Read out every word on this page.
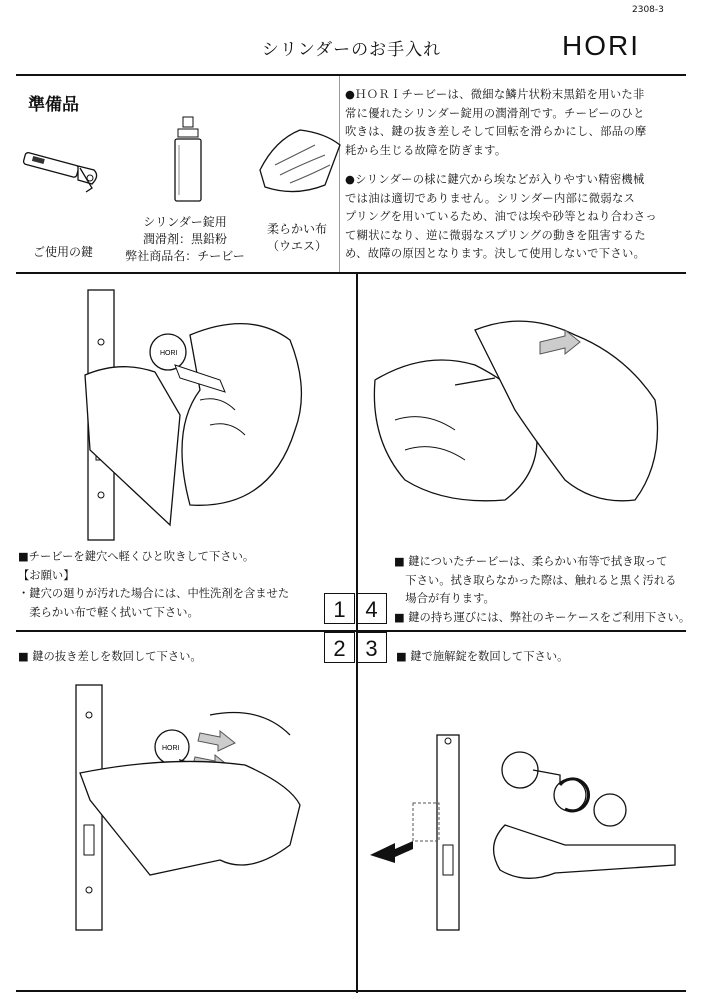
2308-3
シリンダーのお手入れ	HORI
準備品
ご使用の鍵
シリンダー錠用
潤滑剤：黒鉛粉
弊社商品名：チービー
柔らかい布
（ウエス）
●ＨＯＲＩチービーは、微細な鱗片状粉末黒鉛を用いた非
常に優れたシリンダー錠用の潤滑剤です。チービーのひと
吹きは、鍵の抜き差しそして回転を滑らかにし、部品の摩
耗から生じる故障を防ぎます。
●シリンダーの梂に鍵穴から埃などが入りやすい精密機械
では油は適切でありません。シリンダー内部に微弱なス
プリングを用いているため、油では埃や砂等とねり合わさっ
て糊状になり、逆に微弱なスプリングの動きを阻害するた
め、故障の原因となります。決して使用しないで下さい。
HORI
■チービーを鍵穴へ軽くひと吹きして下さい。
【お願い】
・鍵穴の廻りが汚れた場合には、中性洗剤を含ませた
　柔らかい布で軽く拭いて下さい。
■ 鍵についたチービーは、柔らかい布等で拭き取って
　下さい。拭き取らなかった際は、触れると黒く汚れる
　場合が有ります。
■ 鍵の持ち運びには、弊社のキーケースをご利用下さい。
1 4
2 3
■ 鍵の抜き差しを数回して下さい。	■ 鍵で施解錠を数回して下さい。
HORI
